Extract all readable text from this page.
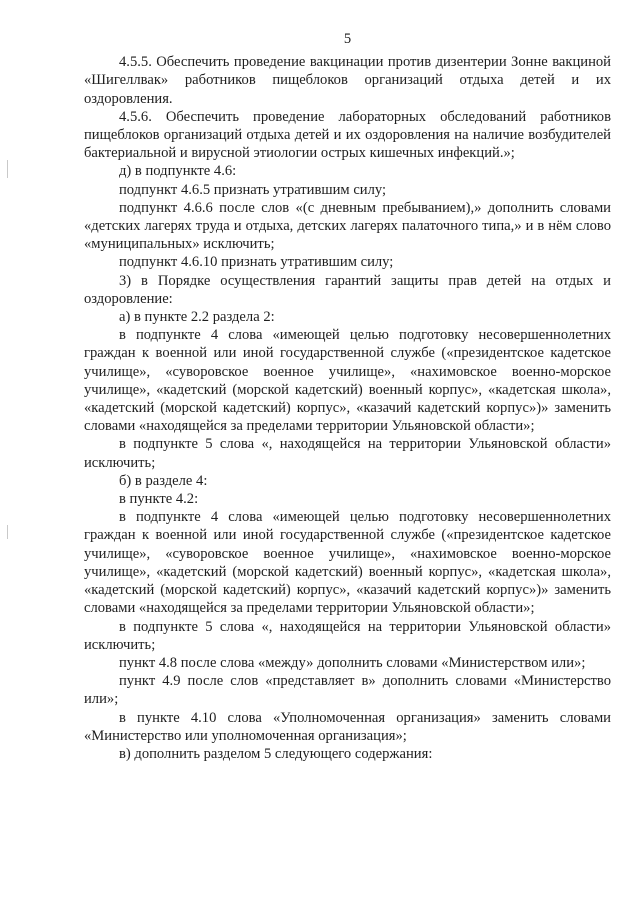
5

4.5.5. Обеспечить проведение вакцинации против дизентерии Зонне вакциной «Шигеллвак» работников пищеблоков организаций отдыха детей и их оздоровления.

4.5.6. Обеспечить проведение лабораторных обследований работников пищеблоков организаций отдыха детей и их оздоровления на наличие возбудителей бактериальной и вирусной этиологии острых кишечных инфекций.»;

д) в подпункте 4.6:

подпункт 4.6.5 признать утратившим силу;

подпункт 4.6.6 после слов «(с дневным пребыванием),» дополнить словами «детских лагерях труда и отдыха, детских лагерях палаточного типа,» и в нём слово «муниципальных» исключить;

подпункт 4.6.10 признать утратившим силу;

3) в Порядке осуществления гарантий защиты прав детей на отдых и оздоровление:

а) в пункте 2.2 раздела 2:

в подпункте 4 слова «имеющей целью подготовку несовершеннолетних граждан к военной или иной государственной службе («президентское кадетское училище», «суворовское военное училище», «нахимовское военно-морское училище», «кадетский (морской кадетский) военный корпус», «кадетская школа», «кадетский (морской кадетский) корпус», «казачий кадетский корпус»)» заменить словами «находящейся за пределами территории Ульяновской области»;

в подпункте 5 слова «, находящейся на территории Ульяновской области» исключить;

б) в разделе 4:

в пункте 4.2:

в подпункте 4 слова «имеющей целью подготовку несовершеннолетних граждан к военной или иной государственной службе («президентское кадетское училище», «суворовское военное училище», «нахимовское военно-морское училище», «кадетский (морской кадетский) военный корпус», «кадетская школа», «кадетский (морской кадетский) корпус», «казачий кадетский корпус»)» заменить словами «находящейся за пределами территории Ульяновской области»;

в подпункте 5 слова «, находящейся на территории Ульяновской области» исключить;

пункт 4.8 после слова «между» дополнить словами «Министерством или»;

пункт 4.9 после слов «представляет в» дополнить словами «Министерство или»;

в пункте 4.10 слова «Уполномоченная организация» заменить словами «Министерство или уполномоченная организация»;

в) дополнить разделом 5 следующего содержания:
